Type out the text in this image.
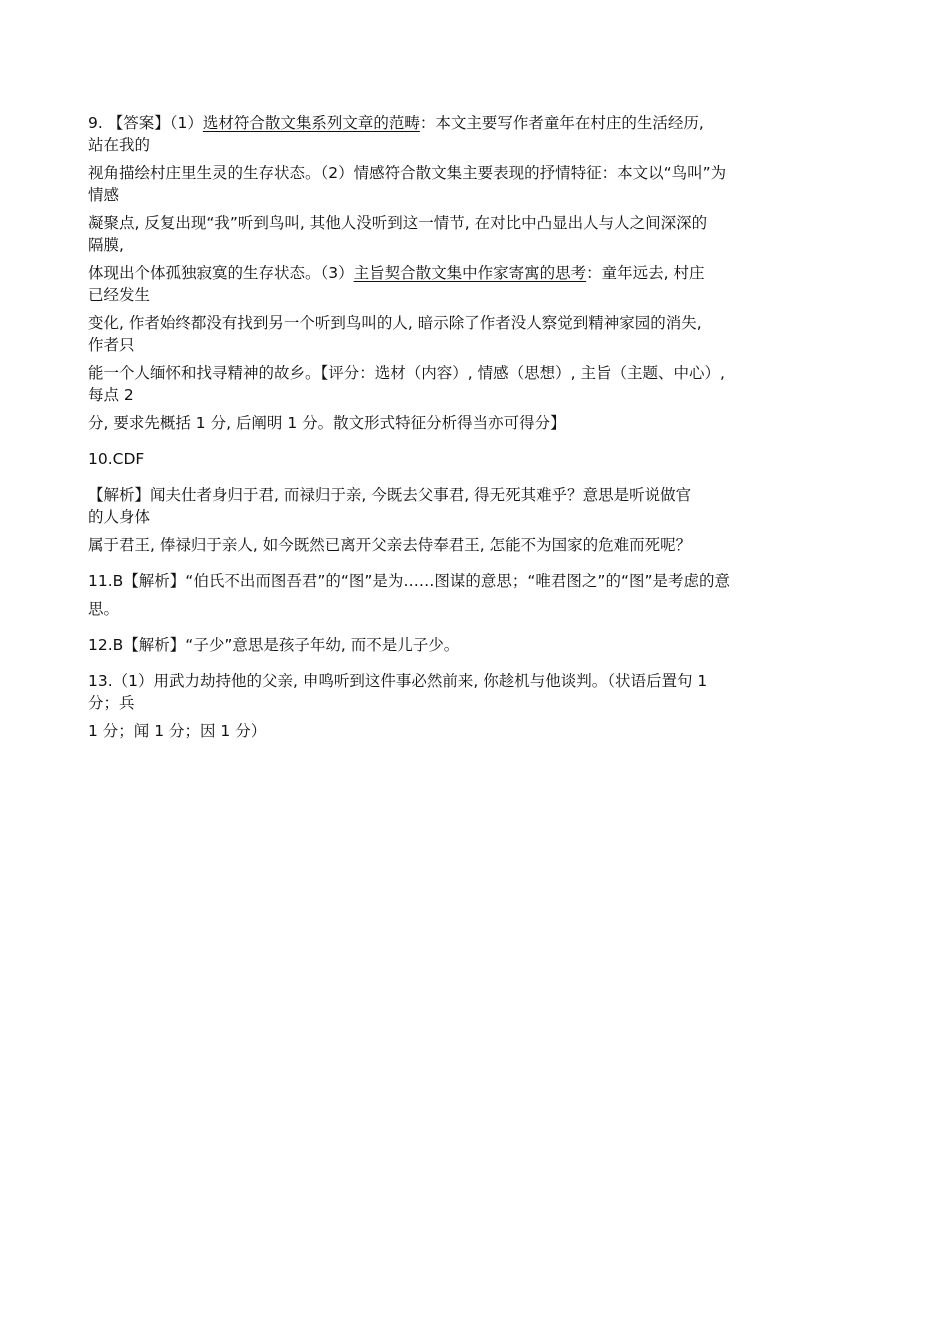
9. 【答案】（1）选材符合散文集系列文章的范畴：本文主要写作者童年在村庄的生活经历,
站在我的

视角描绘村庄里生灵的生存状态。（2）情感符合散文集主要表现的抒情特征：本文以“鸟叫”为
情感

凝聚点, 反复出现“我”听到鸟叫, 其他人没听到这一情节, 在对比中凸显出人与人之间深深的
隔膜,

体现出个体孤独寂寞的生存状态。（3）主旨契合散文集中作家寄寓的思考：童年远去, 村庄
已经发生

变化, 作者始终都没有找到另一个听到鸟叫的人, 暗示除了作者没人察觉到精神家园的消失,
作者只

能一个人缅怀和找寻精神的故乡。【评分：选材（内容）, 情感（思想）, 主旨（主题、中心）,
每点 2

分, 要求先概括 1 分, 后阐明 1 分。散文形式特征分析得当亦可得分】

10.CDF

【解析】闻夫仕者身归于君, 而禄归于亲, 今既去父事君, 得无死其难乎？意思是听说做官
的人身体

属于君王, 俸禄归于亲人, 如今既然已离开父亲去侍奉君王, 怎能不为国家的危难而死呢？

11.B【解析】“伯氏不出而图吾君”的“图”是为……图谋的意思；“唯君图之”的“图”是考虑的意

思。

12.B【解析】“子少”意思是孩子年幼, 而不是儿子少。

13.（1）用武力劫持他的父亲, 申鸣听到这件事必然前来, 你趁机与他谈判。（状语后置句 1
分；兵

1 分；闻 1 分；因 1 分）
